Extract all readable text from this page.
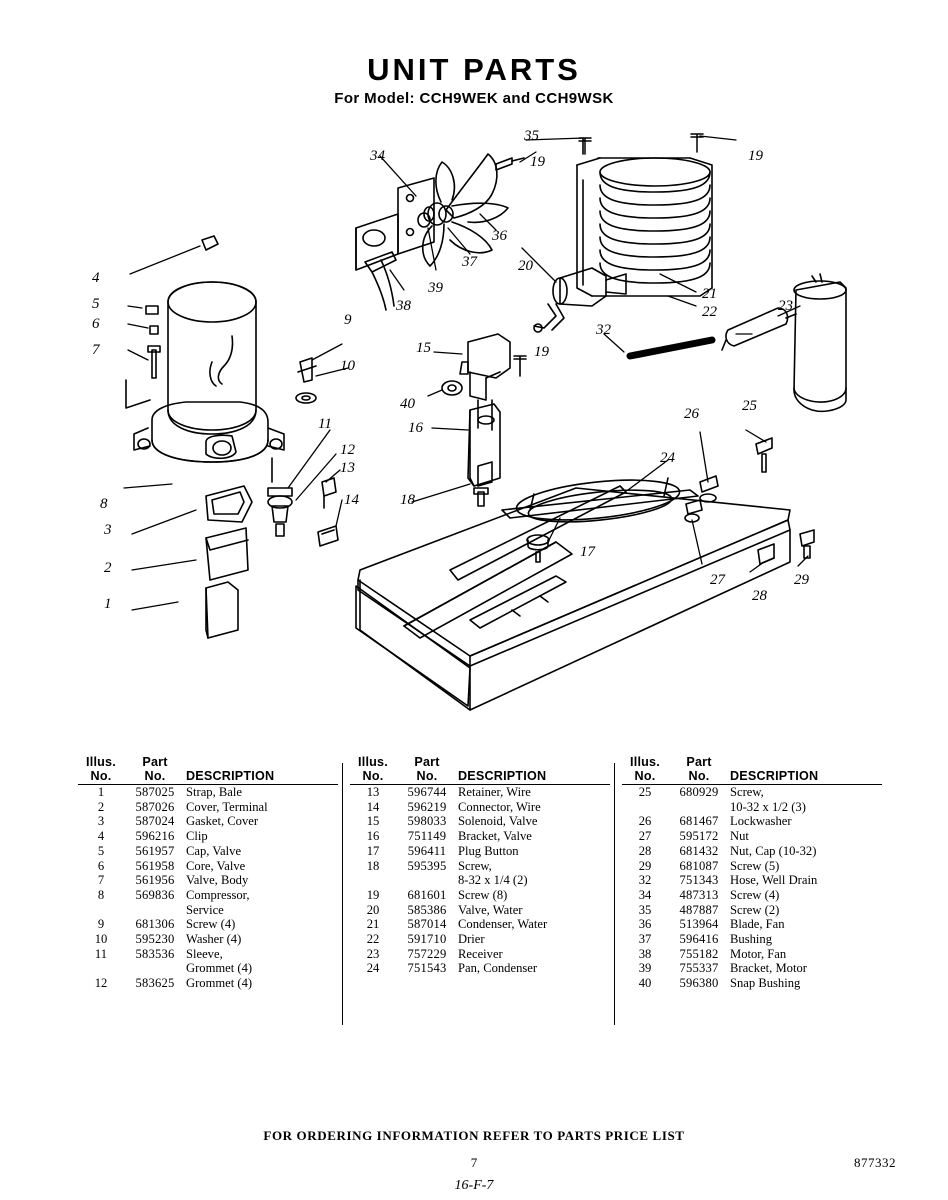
UNIT PARTS
For Model: CCH9WEK and CCH9WSK
1
2
3
4
5
6
7
8
9
10
11
12
13
14
15
16
17
18
19	19
19
20
21
22	23
24
25
26
27
28
29
32
34
35
36
37
38
39
40
Illus.
No.	Part
No.	DESCRIPTION
1	587025	Strap, Bale
2	587026	Cover, Terminal
3	587024	Gasket, Cover
4	596216	Clip
5	561957	Cap, Valve
6	561958	Core, Valve
7	561956	Valve, Body
8	569836	Compressor,
		Service
9	681306	Screw (4)
10	595230	Washer (4)
11	583536	Sleeve,
		Grommet (4)
12	583625	Grommet (4)
Illus.
No.	Part
No.	DESCRIPTION
13	596744	Retainer, Wire
14	596219	Connector, Wire
15	598033	Solenoid, Valve
16	751149	Bracket, Valve
17	596411	Plug Button
18	595395	Screw,
		8-32 x 1/4 (2)
19	681601	Screw (8)
20	585386	Valve, Water
21	587014	Condenser, Water
22	591710	Drier
23	757229	Receiver
24	751543	Pan, Condenser
Illus.
No.	Part
No.	DESCRIPTION
25	680929	Screw,
		10-32 x 1/2 (3)
26	681467	Lockwasher
27	595172	Nut
28	681432	Nut, Cap (10-32)
29	681087	Screw (5)
32	751343	Hose, Well Drain
34	487313	Screw (4)
35	487887	Screw (2)
36	513964	Blade, Fan
37	596416	Bushing
38	755182	Motor, Fan
39	755337	Bracket, Motor
40	596380	Snap Bushing
FOR ORDERING INFORMATION REFER TO PARTS PRICE LIST
7	877332
16-F-7
